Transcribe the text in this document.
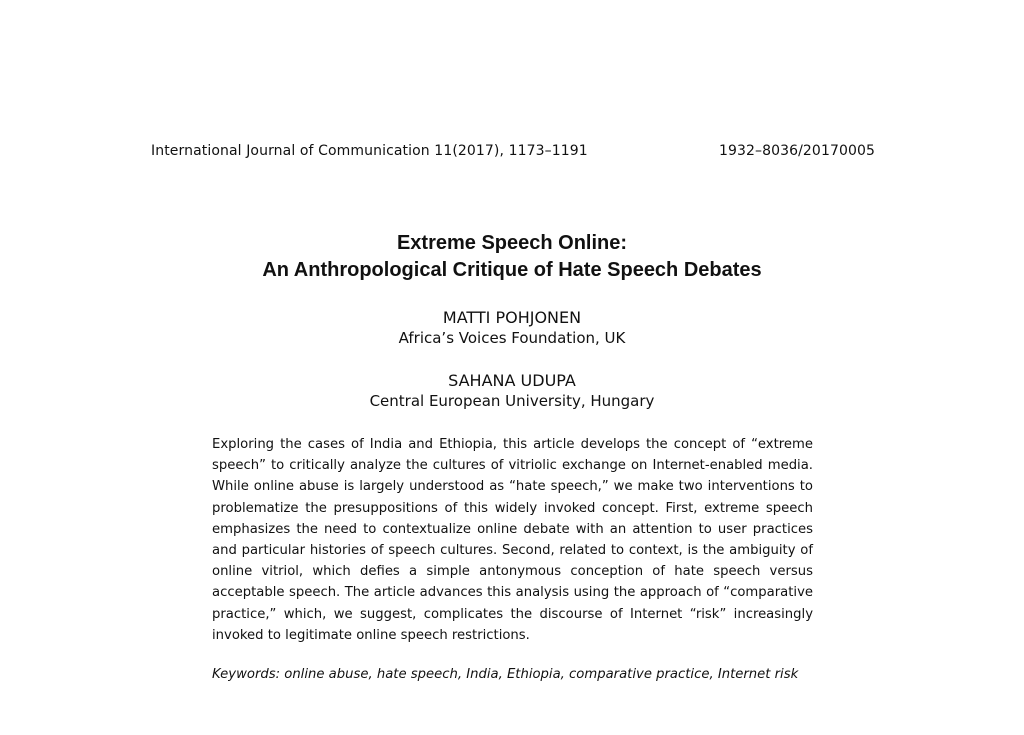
International Journal of Communication 11(2017), 1173–1191	1932–8036/20170005
Extreme Speech Online:
An Anthropological Critique of Hate Speech Debates
MATTI POHJONEN
Africa’s Voices Foundation, UK
SAHANA UDUPA
Central European University, Hungary
Exploring the cases of India and Ethiopia, this article develops the concept of “extreme speech” to critically analyze the cultures of vitriolic exchange on Internet-enabled media. While online abuse is largely understood as “hate speech,” we make two interventions to problematize the presuppositions of this widely invoked concept. First, extreme speech emphasizes the need to contextualize online debate with an attention to user practices and particular histories of speech cultures. Second, related to context, is the ambiguity of online vitriol, which defies a simple antonymous conception of hate speech versus acceptable speech. The article advances this analysis using the approach of “comparative practice,” which, we suggest, complicates the discourse of Internet “risk” increasingly invoked to legitimate online speech restrictions.
Keywords: online abuse, hate speech, India, Ethiopia, comparative practice, Internet risk
